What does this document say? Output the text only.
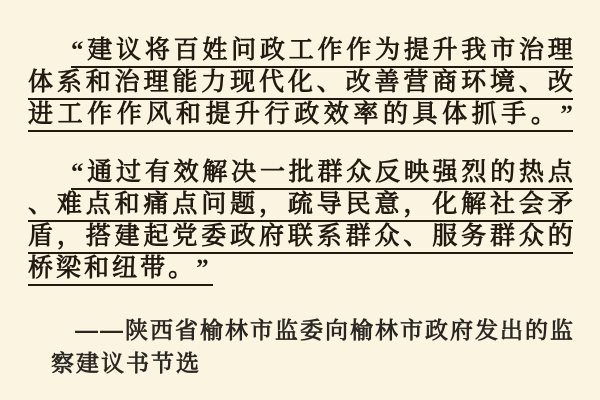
“ 建 议 将 百 姓 问 政 工 作 作 为 提 升 我 市 治 理
体 系 和 治 理 能 力 现 代 化 、 改 善 营 商 环 境 、 改
进 工 作 作 风 和 提 升 行 政 效 率 的 具 体 抓 手 。 ”
“ 通 过 有 效 解 决 一 批 群 众 反 映 强 烈 的 热 点
、 难 点 和 痛 点 问 题 ， 疏 导 民 意 ， 化 解 社 会 矛
盾 ， 搭 建 起 党 委 政 府 联 系 群 众 、 服 务 群 众 的
桥 梁 和 纽 带 。 ”
——陕西省榆林市监委向榆林市政府发出的监
察建议书节选
